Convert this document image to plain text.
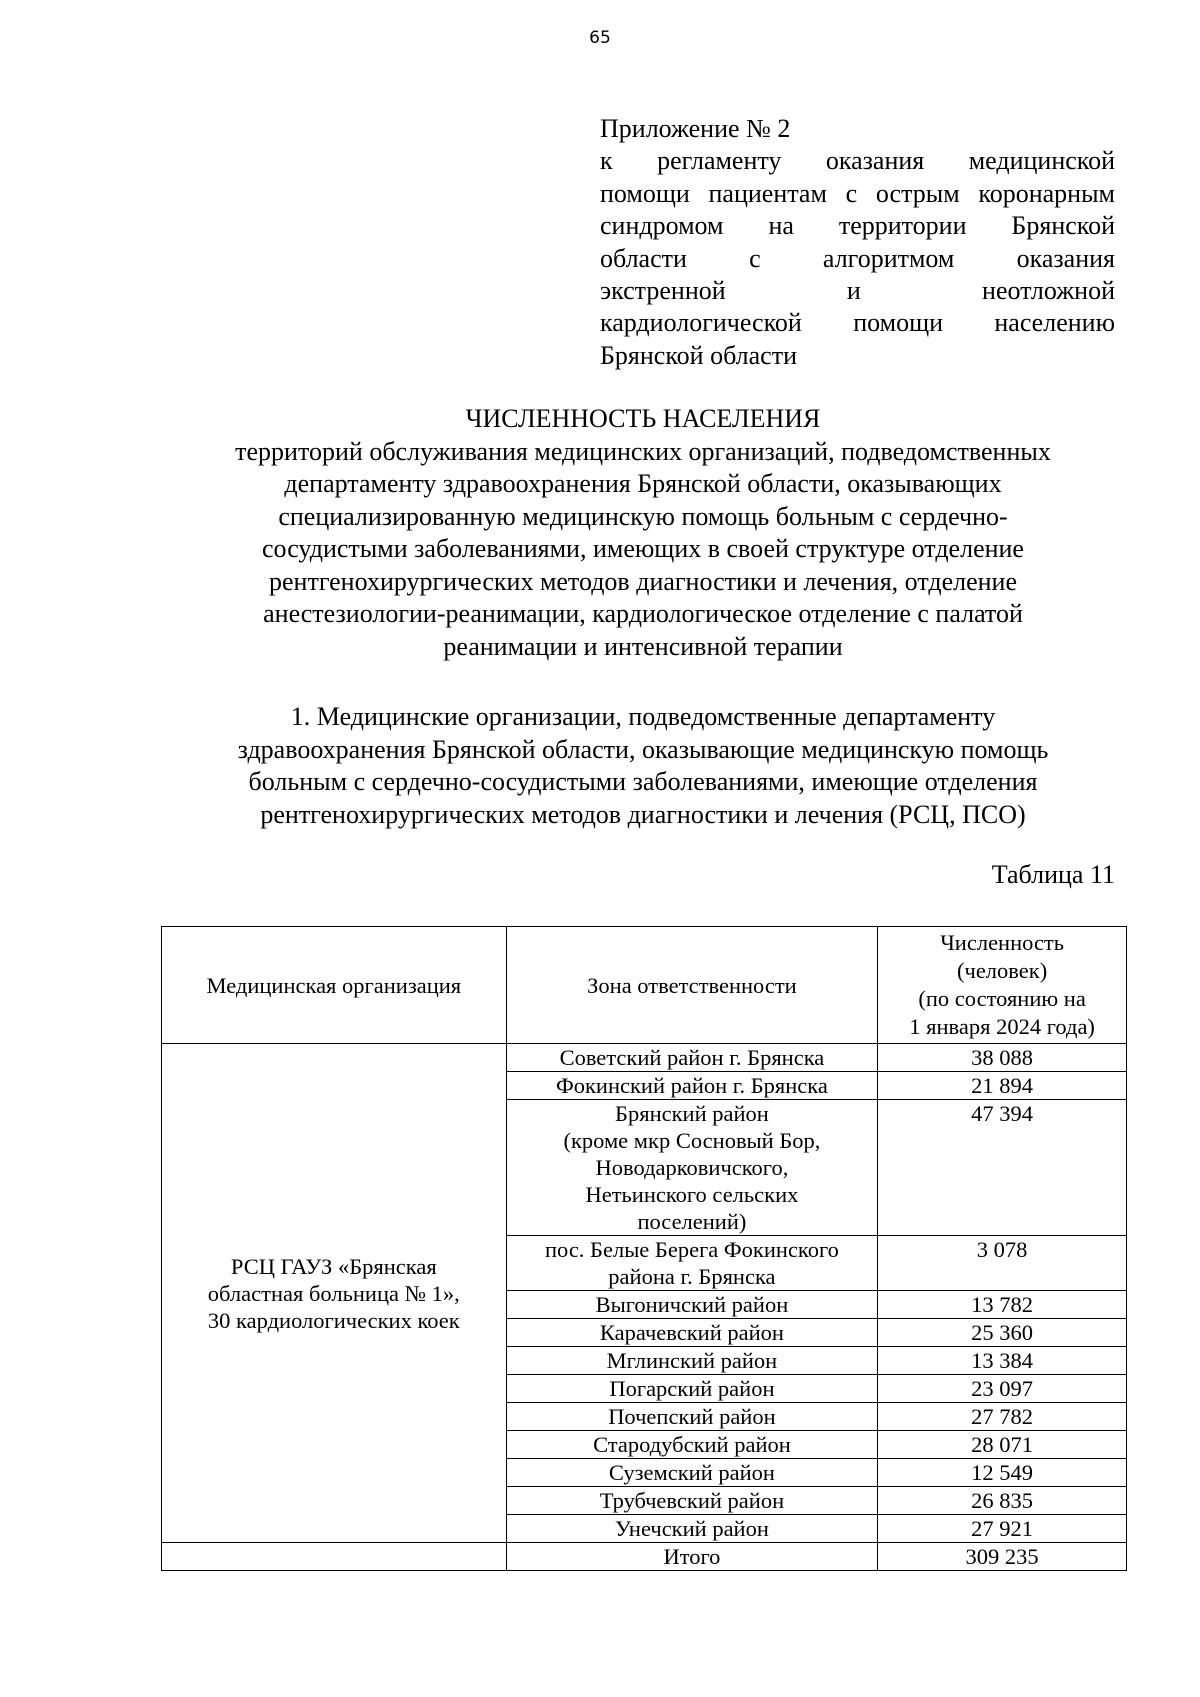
65
Приложение № 2
к регламенту оказания медицинской
помощи пациентам с острым коронарным
синдромом на территории Брянской
области с алгоритмом оказания
экстренной и неотложной
кардиологической помощи населению
Брянской области
ЧИСЛЕННОСТЬ НАСЕЛЕНИЯ
территорий обслуживания медицинских организаций, подведомственных
департаменту здравоохранения Брянской области, оказывающих
специализированную медицинскую помощь больным с сердечно-
сосудистыми заболеваниями, имеющих в своей структуре отделение
рентгенохирургических методов диагностики и лечения, отделение
анестезиологии-реанимации, кардиологическое отделение с палатой
реанимации и интенсивной терапии
1. Медицинские организации, подведомственные департаменту
здравоохранения Брянской области, оказывающие медицинскую помощь
больным с сердечно-сосудистыми заболеваниями, имеющие отделения
рентгенохирургических методов диагностики и лечения (РСЦ, ПСО)
Таблица 11
Медицинская организация	Зона ответственности	Численность
(человек)
(по состоянию на
1 января 2024 года)

РСЦ ГАУЗ «Брянская
областная больница № 1»,
30 кардиологических коек	Советский район г. Брянска	38 088
	Фокинский район г. Брянска	21 894

	Брянский район
(кроме мкр Сосновый Бор,
Новодарковичского,
Нетьинского сельских
поселений)	47 394

	пос. Белые Берега Фокинского
района г. Брянска	3 078
	Выгоничский район	13 782
	Карачевский район	25 360
	Мглинский район	13 384
	Погарский район	23 097
	Почепский район	27 782
	Стародубский район	28 071
	Суземский район	12 549
	Трубчевский район	26 835
	Унечский район	27 921
	Итого	309 235
